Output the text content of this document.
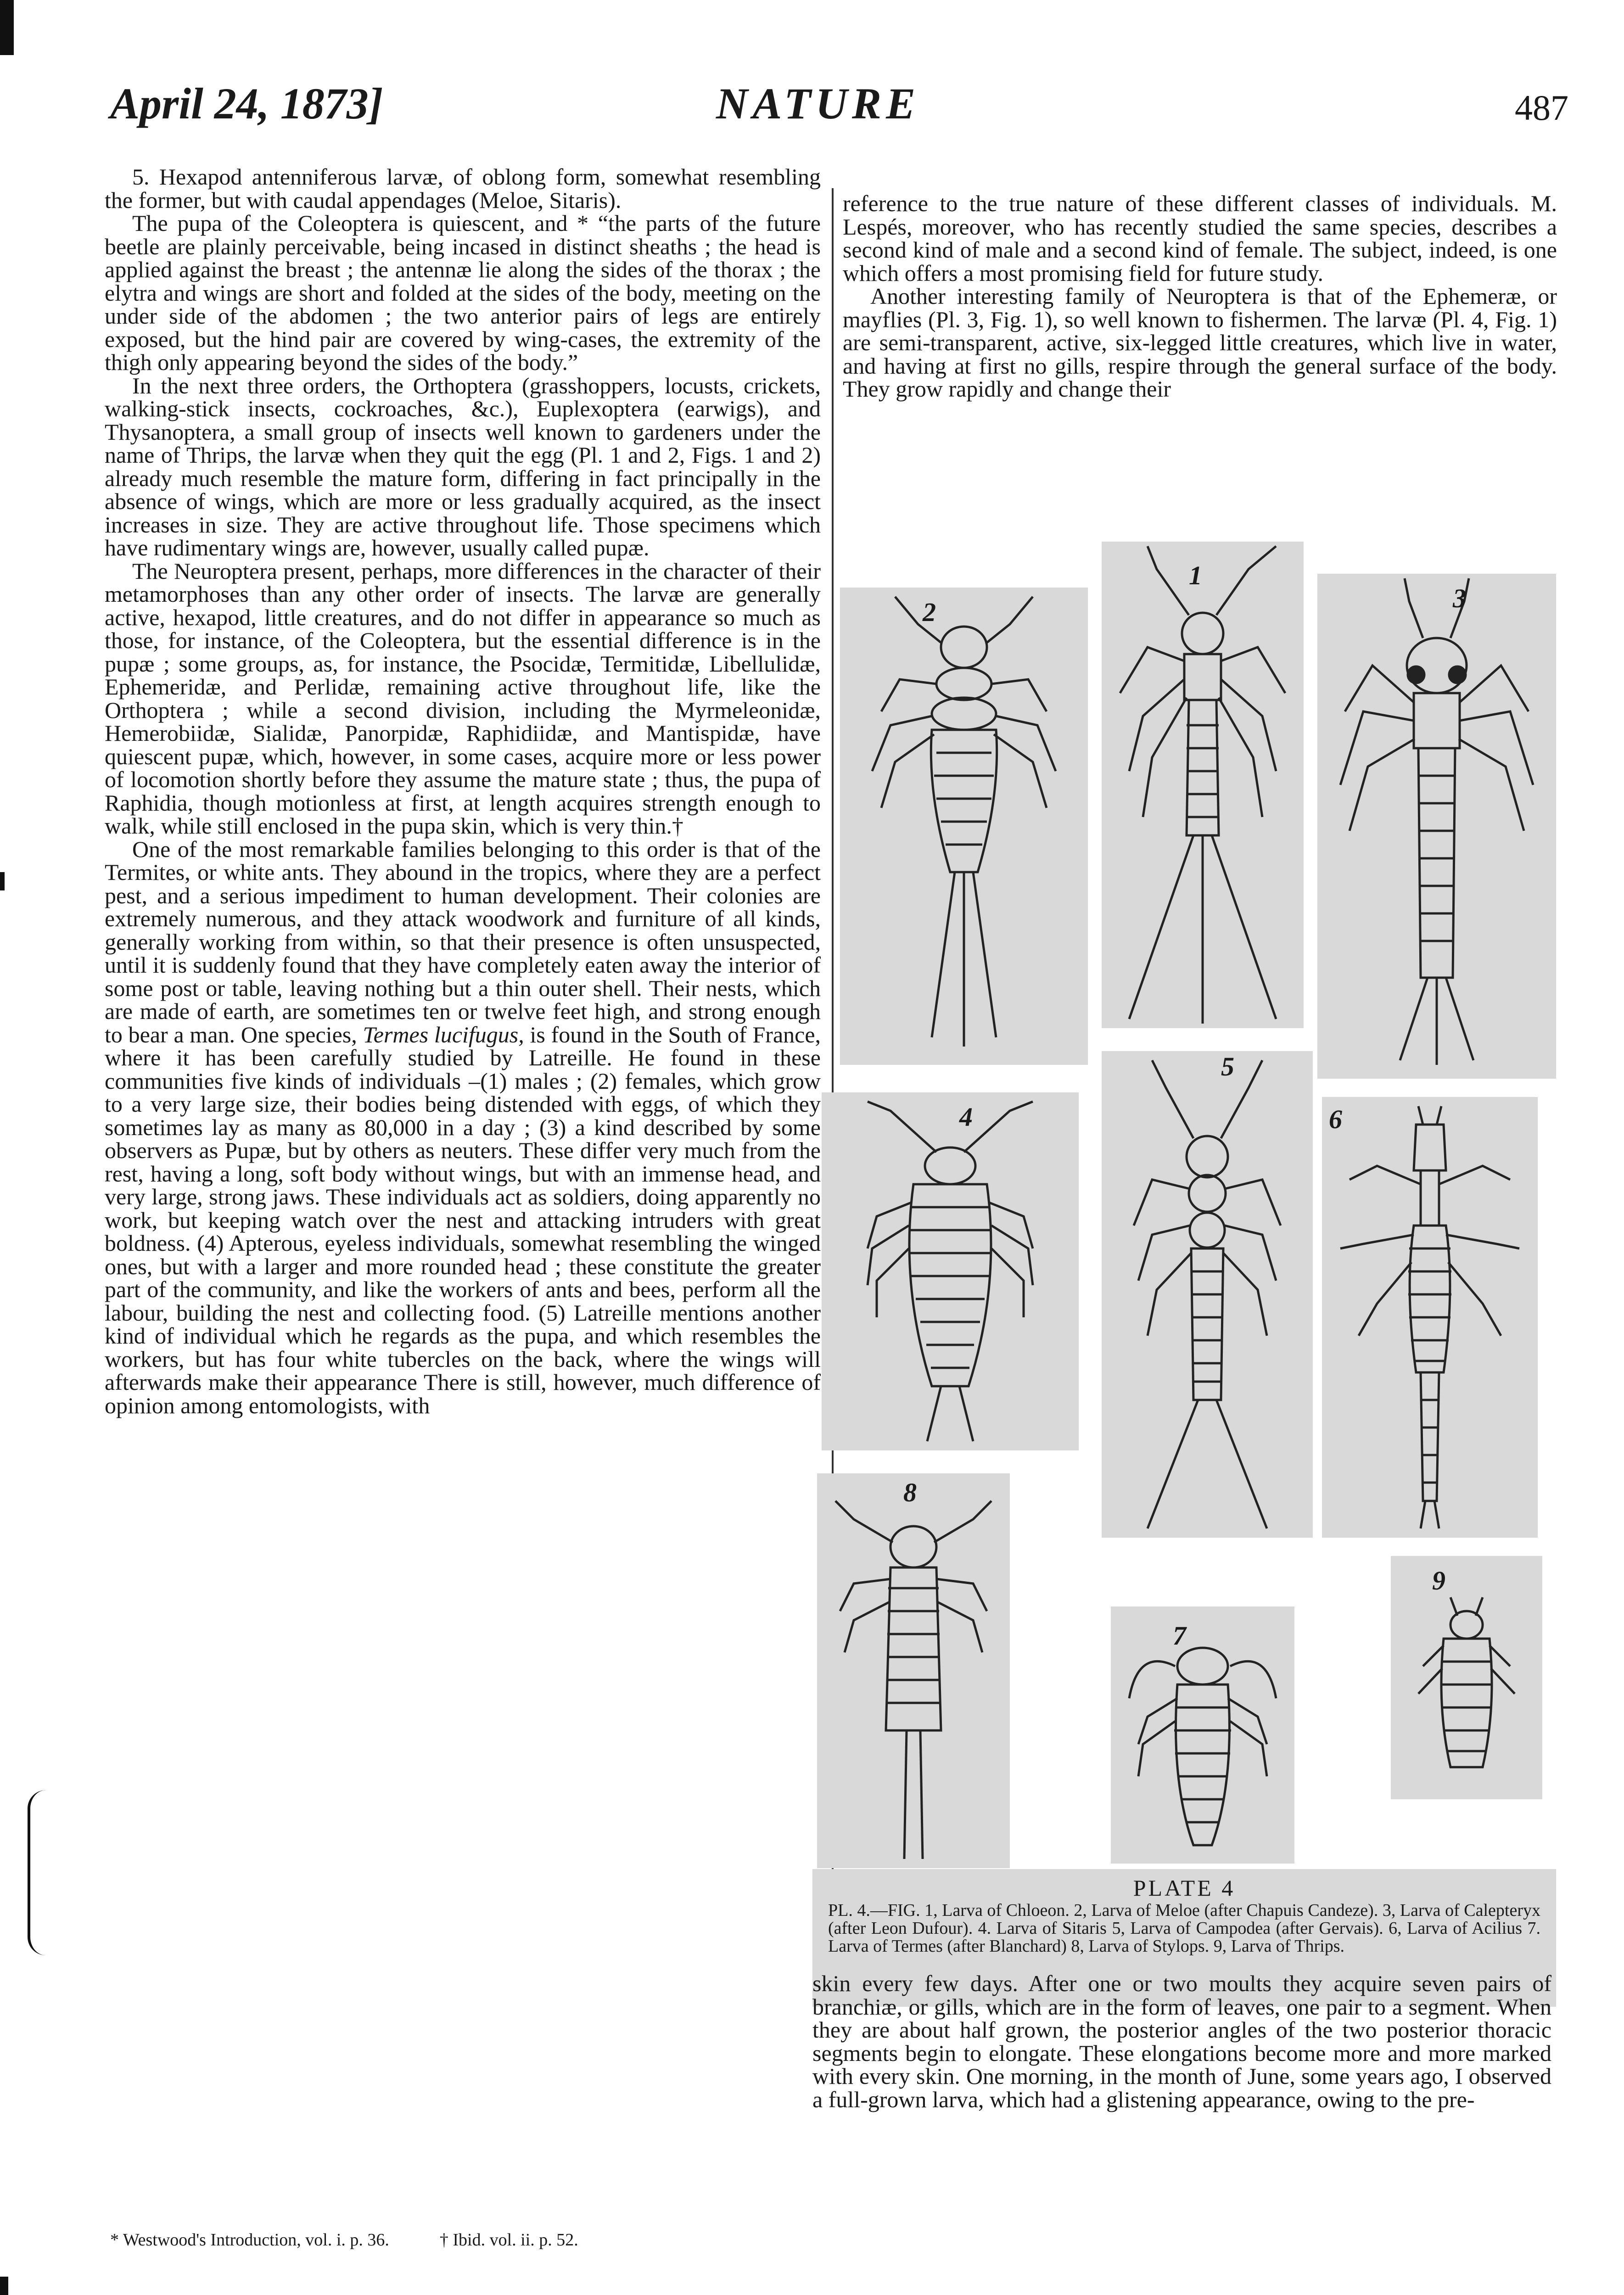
April 24, 1873]	NATURE	487

5. Hexapod antenniferous larvæ, of oblong form, somewhat resembling the former, but with caudal appendages (Meloe, Sitaris).

The pupa of the Coleoptera is quiescent, and * “the parts of the future beetle are plainly perceivable, being incased in distinct sheaths ; the head is applied against the breast ; the antennæ lie along the sides of the thorax ; the elytra and wings are short and folded at the sides of the body, meeting on the under side of the abdomen ; the two anterior pairs of legs are entirely exposed, but the hind pair are covered by wing-cases, the extremity of the thigh only appearing beyond the sides of the body.”

In the next three orders, the Orthoptera (grasshoppers, locusts, crickets, walking-stick insects, cockroaches, &c.), Euplexoptera (earwigs), and Thysanoptera, a small group of insects well known to gardeners under the name of Thrips, the larvæ when they quit the egg (Pl. 1 and 2, Figs. 1 and 2) already much resemble the mature form, differing in fact principally in the absence of wings, which are more or less gradually acquired, as the insect increases in size. They are active throughout life. Those specimens which have rudimentary wings are, however, usually called pupæ.

The Neuroptera present, perhaps, more differences in the character of their metamorphoses than any other order of insects. The larvæ are generally active, hexapod, little creatures, and do not differ in appearance so much as those, for instance, of the Coleoptera, but the essential difference is in the pupæ ; some groups, as, for instance, the Psocidæ, Termitidæ, Libellulidæ, Ephemeridæ, and Perlidæ, remaining active throughout life, like the Orthoptera ; while a second division, including the Myrmeleonidæ, Hemerobiidæ, Sialidæ, Panorpidæ, Raphidiidæ, and Mantispidæ, have quiescent pupæ, which, however, in some cases, acquire more or less power of locomotion shortly before they assume the mature state ; thus, the pupa of Raphidia, though motionless at first, at length acquires strength enough to walk, while still enclosed in the pupa skin, which is very thin.†

One of the most remarkable families belonging to this order is that of the Termites, or white ants. They abound in the tropics, where they are a perfect pest, and a serious impediment to human development. Their colonies are extremely numerous, and they attack woodwork and furniture of all kinds, generally working from within, so that their presence is often unsuspected, until it is suddenly found that they have completely eaten away the interior of some post or table, leaving nothing but a thin outer shell. Their nests, which are made of earth, are sometimes ten or twelve feet high, and strong enough to bear a man. One species, Termes lucifugus, is found in the South of France, where it has been carefully studied by Latreille. He found in these communities five kinds of individuals –(1) males ; (2) females, which grow to a very large size, their bodies being distended with eggs, of which they sometimes lay as many as 80,000 in a day ; (3) a kind described by some observers as Pupæ, but by others as neuters. These differ very much from the rest, having a long, soft body without wings, but with an immense head, and very large, strong jaws. These individuals act as soldiers, doing apparently no work, but keeping watch over the nest and attacking intruders with great boldness. (4) Apterous, eyeless individuals, somewhat resembling the winged ones, but with a larger and more rounded head ; these constitute the greater part of the community, and like the workers of ants and bees, perform all the labour, building the nest and collecting food. (5) Latreille mentions another kind of individual which he regards as the pupa, and which resembles the workers, but has four white tubercles on the back, where the wings will afterwards make their appearance There is still, however, much difference of opinion among entomologists, with

reference to the true nature of these different classes of individuals. M. Lespés, moreover, who has recently studied the same species, describes a second kind of male and a second kind of female. The subject, indeed, is one which offers a most promising field for future study.

Another interesting family of Neuroptera is that of the Ephemeræ, or mayflies (Pl. 3, Fig. 1), so well known to fishermen. The larvæ (Pl. 4, Fig. 1) are semi-transparent, active, six-legged little creatures, which live in water, and having at first no gills, respire through the general surface of the body. They grow rapidly and change their

2
1
3
4
5
6
8
7
9
PLATE 4
PL. 4.—FIG. 1, Larva of Chloeon. 2, Larva of Meloe (after Chapuis Candeze). 3, Larva of Calepteryx (after Leon Dufour). 4. Larva of Sitaris 5, Larva of Campodea (after Gervais). 6, Larva of Acilius 7. Larva of Termes (after Blanchard) 8, Larva of Stylops. 9, Larva of Thrips.

skin every few days. After one or two moults they acquire seven pairs of branchiæ, or gills, which are in the form of leaves, one pair to a segment. When they are about half grown, the posterior angles of the two posterior thoracic segments begin to elongate. These elongations become more and more marked with every skin. One morning, in the month of June, some years ago, I observed a full-grown larva, which had a glistening appearance, owing to the pre-

* Westwood's Introduction, vol. i. p. 36.	† Ibid. vol. ii. p. 52.
